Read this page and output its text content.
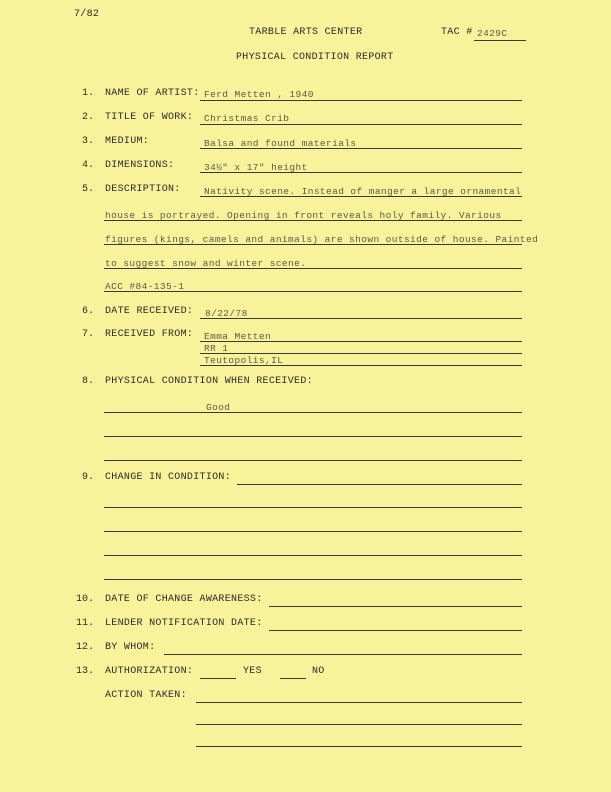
7/82
TARBLE ARTS CENTER	TAC # 2429C
PHYSICAL CONDITION REPORT
1. NAME OF ARTIST: Ferd Metten , 1940
2. TITLE OF WORK: Christmas Crib
3. MEDIUM:	Balsa and found materials
4. DIMENSIONS:	34½" x 17" height
5. DESCRIPTION: Nativity scene. Instead of manger a large ornamental
house is portrayed. Opening in front reveals holy family. Various
figures (kings, camels and animals) are shown outside of house. Painted
to suggest snow and winter scene.
ACC #84-135-1
6. DATE RECEIVED: 8/22/78
7. RECEIVED FROM: Emma Metten
RR 1
Teutopolis,IL
8. PHYSICAL CONDITION WHEN RECEIVED:
Good
9. CHANGE IN CONDITION:
10. DATE OF CHANGE AWARENESS:
11. LENDER NOTIFICATION DATE:
12. BY WHOM:
13. AUTHORIZATION:	YES	NO
ACTION TAKEN:
